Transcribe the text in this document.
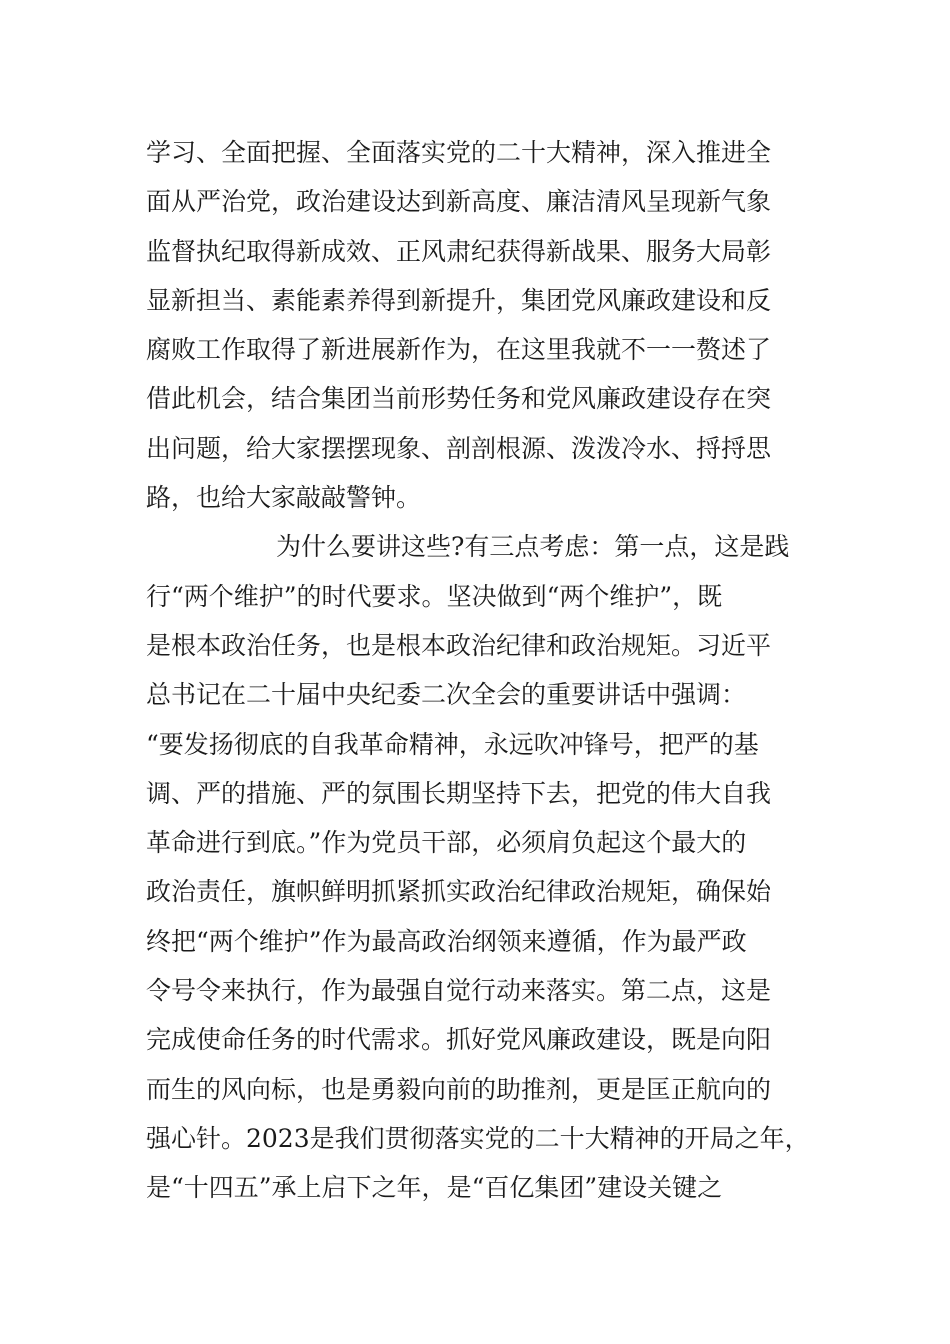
学习、全面把握、全面落实党的二十大精神，深入推进全
面从严治党，政治建设达到新高度、廉洁清风呈现新气象
监督执纪取得新成效、正风肃纪获得新战果、服务大局彰
显新担当、素能素养得到新提升，集团党风廉政建设和反
腐败工作取得了新进展新作为，在这里我就不一一赘述了
借此机会，结合集团当前形势任务和党风廉政建设存在突
出问题，给大家摆摆现象、剖剖根源、泼泼冷水、捋捋思
路，也给大家敲敲警钟。
为什么要讲这些?有三点考虑：第一点，这是践
行“两个维护”的时代要求。坚决做到“两个维护”，既
是根本政治任务，也是根本政治纪律和政治规矩。习近平
总书记在二十届中央纪委二次全会的重要讲话中强调：
“要发扬彻底的自我革命精神，永远吹冲锋号，把严的基
调、严的措施、严的氛围长期坚持下去，把党的伟大自我
革命进行到底。”作为党员干部，必须肩负起这个最大的
政治责任，旗帜鲜明抓紧抓实政治纪律政治规矩，确保始
终把“两个维护”作为最高政治纲领来遵循，作为最严政
令号令来执行，作为最强自觉行动来落实。第二点，这是
完成使命任务的时代需求。抓好党风廉政建设，既是向阳
而生的风向标，也是勇毅向前的助推剂，更是匡正航向的
强心针。2023是我们贯彻落实党的二十大精神的开局之年，
是“十四五”承上启下之年，是“百亿集团”建设关键之
